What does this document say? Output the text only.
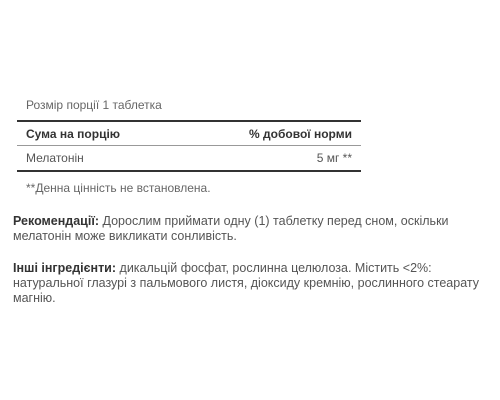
Розмір порції 1 таблетка
Сума на порцію	% добової норми
Мелатонін	5 мг **
**Денна цінність не встановлена.
Рекомендації: Дорослим приймати одну (1) таблетку перед сном, оскільки мелатонін може викликати сонливість.
Інші інгредієнти: дикальцій фосфат, рослинна целюлоза. Містить <2%: натуральної глазурі з пальмового листя, діоксиду кремнію, рослинного стеарату магнію.
